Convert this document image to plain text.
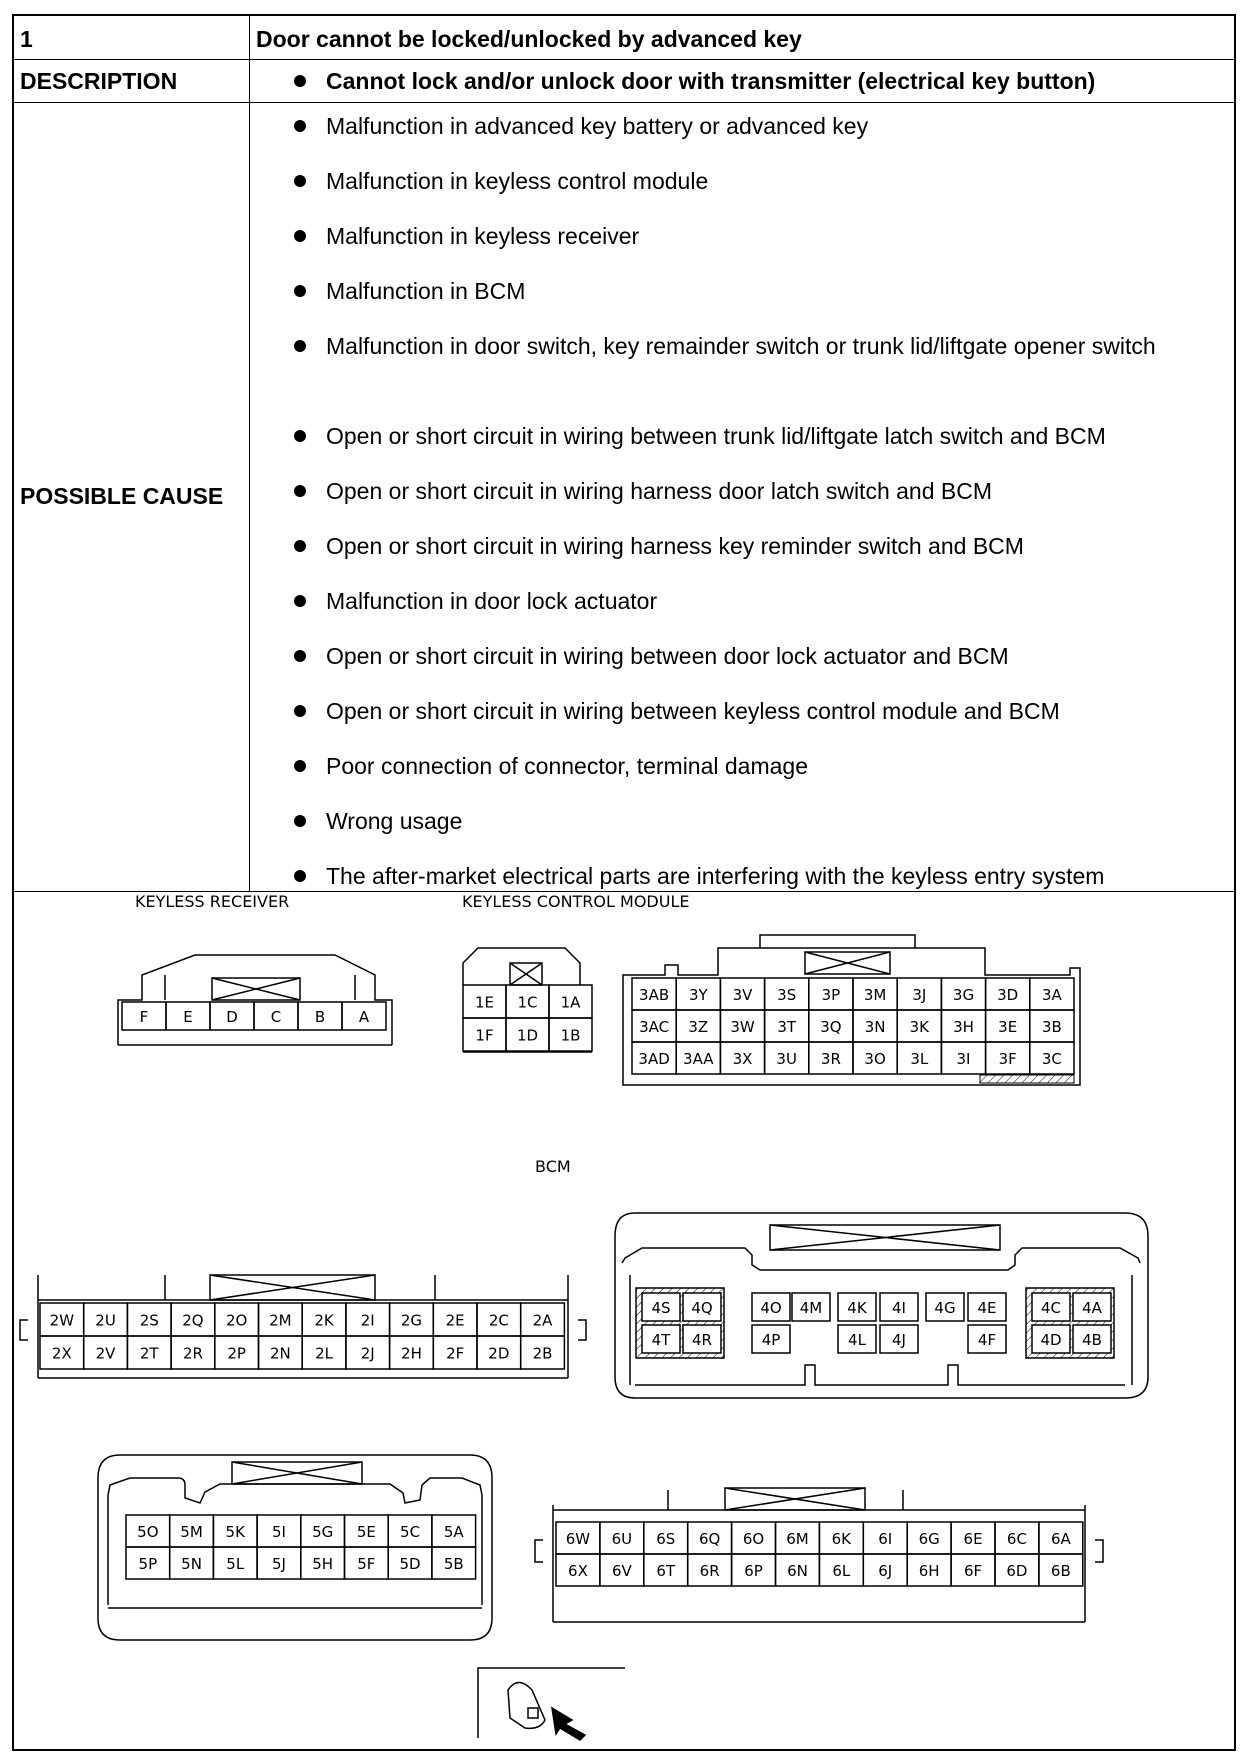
1	Door cannot be locked/unlocked by advanced key
DESCRIPTION	Cannot lock and/or unlock door with transmitter (electrical key button)
POSSIBLE CAUSE
Malfunction in advanced key battery or advanced key
Malfunction in keyless control module
Malfunction in keyless receiver
Malfunction in BCM
Malfunction in door switch, key remainder switch or trunk lid/liftgate opener switch
Open or short circuit in wiring between trunk lid/liftgate latch switch and BCM
Open or short circuit in wiring harness door latch switch and BCM
Open or short circuit in wiring harness key reminder switch and BCM
Malfunction in door lock actuator
Open or short circuit in wiring between door lock actuator and BCM
Open or short circuit in wiring between keyless control module and BCM
Poor connection of connector, terminal damage
Wrong usage
The after-market electrical parts are interfering with the keyless entry system
KEYLESS RECEIVER	KEYLESS CONTROL MODULE
BCM
F E D C B A
1E 1C 1A
1F 1D 1B
3AB 3Y 3V 3S 3P 3M 3J 3G 3D 3A
3AC 3Z 3W 3T 3Q 3N 3K 3H 3E 3B
3AD 3AA 3X 3U 3R 3O 3L 3I 3F 3C
2W 2U 2S 2Q 2O 2M 2K 2I 2G 2E 2C 2A
2X 2V 2T 2R 2P 2N 2L 2J 2H 2F 2D 2B
4S 4Q	4O 4M 4K 4I 4G 4E	4C 4A
4T 4R	4P	4L 4J	4F	4D 4B
5O 5M 5K 5I 5G 5E 5C 5A
5P 5N 5L 5J 5H 5F 5D 5B
6W 6U 6S 6Q 6O 6M 6K 6I 6G 6E 6C 6A
6X 6V 6T 6R 6P 6N 6L 6J 6H 6F 6D 6B
